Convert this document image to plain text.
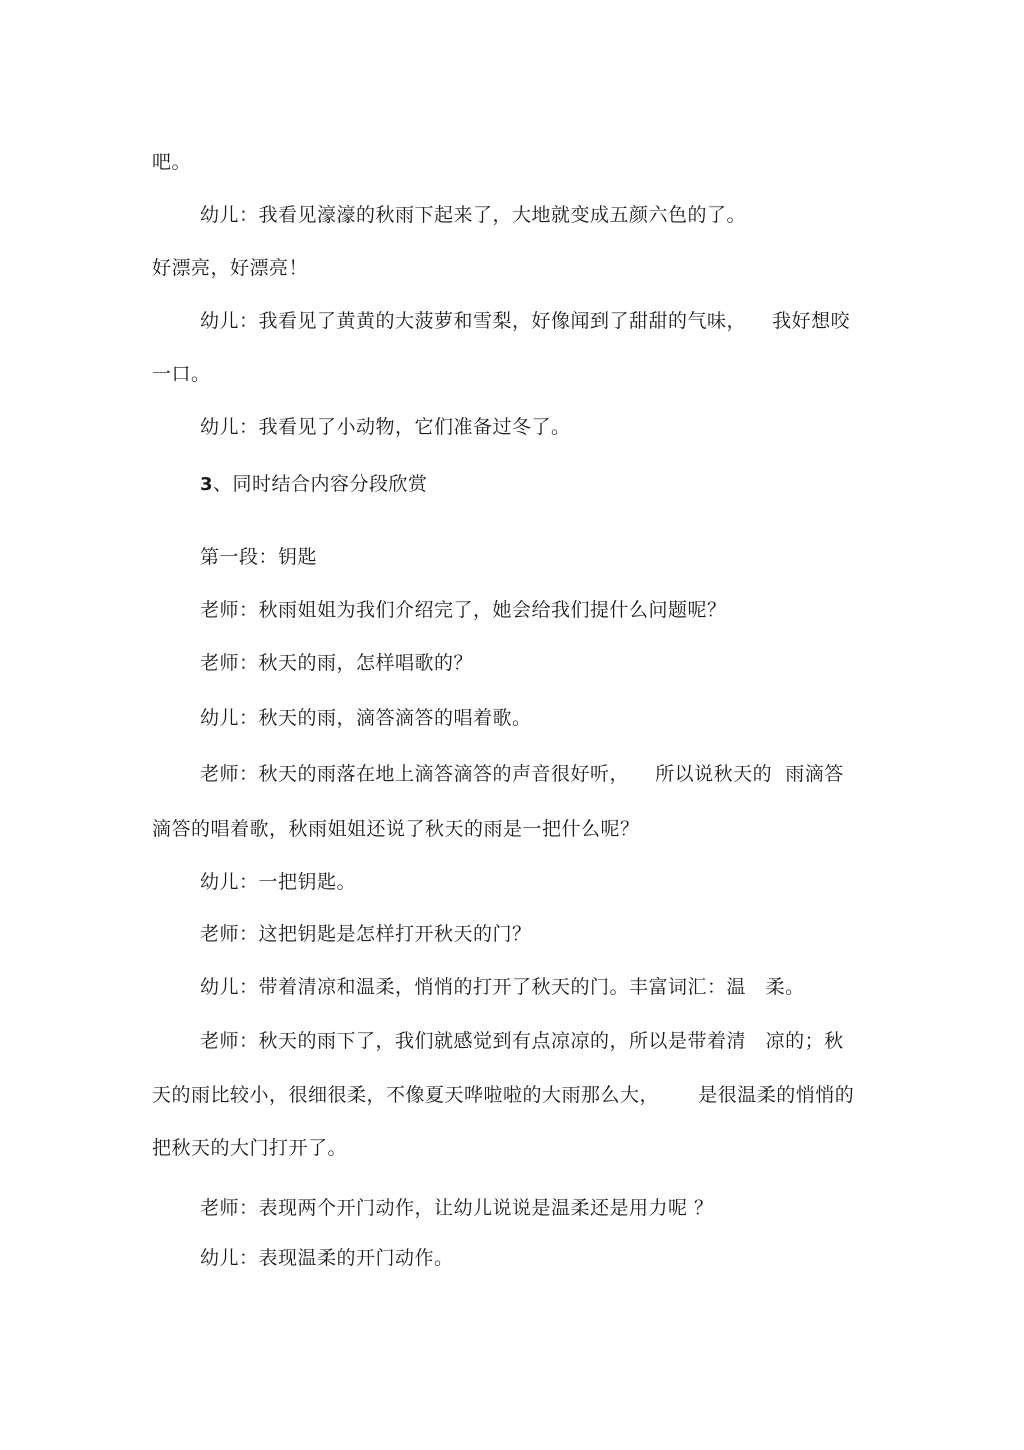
吧。
幼儿：我看见濠濠的秋雨下起来了，大地就变成五颜六色的了。
好漂亮，好漂亮！
幼儿：我看见了黄黄的大菠萝和雪梨，好像闻到了甜甜的气味，    我好想咬
一口。
幼儿：我看见了小动物，它们准备过冬了。
3、同时结合内容分段欣赏
第一段：钥匙
老师：秋雨姐姐为我们介绍完了，她会给我们提什么问题呢？
老师：秋天的雨，怎样唱歌的？
幼儿：秋天的雨，滴答滴答的唱着歌。
老师：秋天的雨落在地上滴答滴答的声音很好听，    所以说秋天的  雨滴答
滴答的唱着歌，秋雨姐姐还说了秋天的雨是一把什么呢？
幼儿：一把钥匙。
老师：这把钥匙是怎样打开秋天的门？
幼儿：带着清凉和温柔，悄悄的打开了秋天的门。丰富词汇：温   柔。
老师：秋天的雨下了，我们就感觉到有点凉凉的，所以是带着清   凉的；秋
天的雨比较小，很细很柔，不像夏天哗啦啦的大雨那么大，      是很温柔的悄悄的
把秋天的大门打开了。
老师：表现两个开门动作，让幼儿说说是温柔还是用力呢 ？
幼儿：表现温柔的开门动作。
